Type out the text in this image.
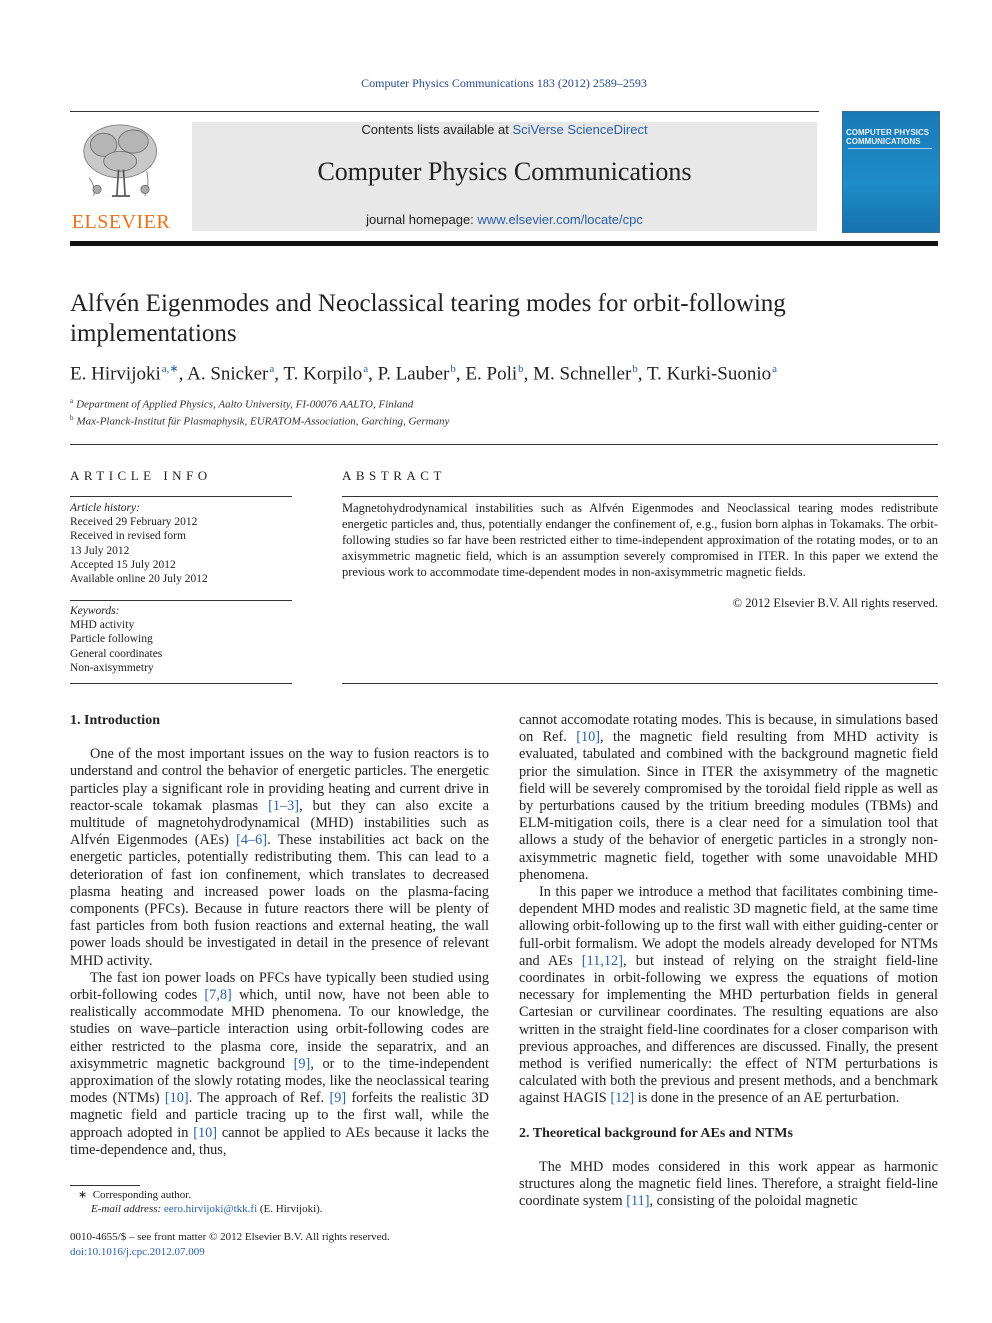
Computer Physics Communications 183 (2012) 2589–2593
ELSEVIER
Contents lists available at SciVerse ScienceDirect
Computer Physics Communications
journal homepage: www.elsevier.com/locate/cpc
COMPUTER PHYSICS COMMUNICATIONS
Alfvén Eigenmodes and Neoclassical tearing modes for orbit-following implementations
E. Hirvijoki$^{a,∗}$, A. Snicker$^a$, T. Korpilo$^a$, P. Lauber$^b$, E. Poli$^b$, M. Schneller$^b$, T. Kurki-Suonio$^a$
$^a$ Department of Applied Physics, Aalto University, FI-00076 AALTO, Finland
$^b$ Max-Planck-Institut für Plasmaphysik, EURATOM-Association, Garching, Germany
ARTICLE INFO	ABSTRACT
Article history:
Received 29 February 2012
Received in revised form
13 July 2012
Accepted 15 July 2012
Available online 20 July 2012
Keywords:
MHD activity
Particle following
General coordinates
Non-axisymmetry
Magnetohydrodynamical instabilities such as Alfvén Eigenmodes and Neoclassical tearing modes redistribute energetic particles and, thus, potentially endanger the confinement of, e.g., fusion born alphas in Tokamaks. The orbit-following studies so far have been restricted either to time-independent approximation of the rotating modes, or to an axisymmetric magnetic field, which is an assumption severely compromised in ITER. In this paper we extend the previous work to accommodate time-dependent modes in non-axisymmetric magnetic fields.
© 2012 Elsevier B.V. All rights reserved.
1. Introduction

One of the most important issues on the way to fusion reactors is to understand and control the behavior of energetic particles. The energetic particles play a significant role in providing heating and current drive in reactor-scale tokamak plasmas [1–3], but they can also excite a multitude of magnetohydrodynamical (MHD) instabilities such as Alfvén Eigenmodes (AEs) [4–6]. These instabilities act back on the energetic particles, potentially redistributing them. This can lead to a deterioration of fast ion confinement, which translates to decreased plasma heating and increased power loads on the plasma-facing components (PFCs). Because in future reactors there will be plenty of fast particles from both fusion reactions and external heating, the wall power loads should be investigated in detail in the presence of relevant MHD activity.

The fast ion power loads on PFCs have typically been studied using orbit-following codes [7,8] which, until now, have not been able to realistically accommodate MHD phenomena. To our knowledge, the studies on wave–particle interaction using orbit-following codes are either restricted to the plasma core, inside the separatrix, and an axisymmetric magnetic background [9], or to the time-independent approximation of the slowly rotating modes, like the neoclassical tearing modes (NTMs) [10]. The approach of Ref. [9] forfeits the realistic 3D magnetic field and particle tracing up to the first wall, while the approach adopted in [10] cannot be applied to AEs because it lacks the time-dependence and, thus,

cannot accomodate rotating modes. This is because, in simulations based on Ref. [10], the magnetic field resulting from MHD activity is evaluated, tabulated and combined with the background magnetic field prior the simulation. Since in ITER the axisymmetry of the magnetic field will be severely compromised by the toroidal field ripple as well as by perturbations caused by the tritium breeding modules (TBMs) and ELM-mitigation coils, there is a clear need for a simulation tool that allows a study of the behavior of energetic particles in a strongly non-axisymmetric magnetic field, together with some unavoidable MHD phenomena.

In this paper we introduce a method that facilitates combining time-dependent MHD modes and realistic 3D magnetic field, at the same time allowing orbit-following up to the first wall with either guiding-center or full-orbit formalism. We adopt the models already developed for NTMs and AEs [11,12], but instead of relying on the straight field-line coordinates in orbit-following we express the equations of motion necessary for implementing the MHD perturbation fields in general Cartesian or curvilinear coordinates. The resulting equations are also written in the straight field-line coordinates for a closer comparison with previous approaches, and differences are discussed. Finally, the present method is verified numerically: the effect of NTM perturbations is calculated with both the previous and present methods, and a benchmark against HAGIS [12] is done in the presence of an AE perturbation.

2. Theoretical background for AEs and NTMs

The MHD modes considered in this work appear as harmonic structures along the magnetic field lines. Therefore, a straight field-line coordinate system [11], consisting of the poloidal magnetic

∗ Corresponding author.
E-mail address: eero.hirvijoki@tkk.fi (E. Hirvijoki).
0010-4655/$ – see front matter © 2012 Elsevier B.V. All rights reserved.
doi:10.1016/j.cpc.2012.07.009
